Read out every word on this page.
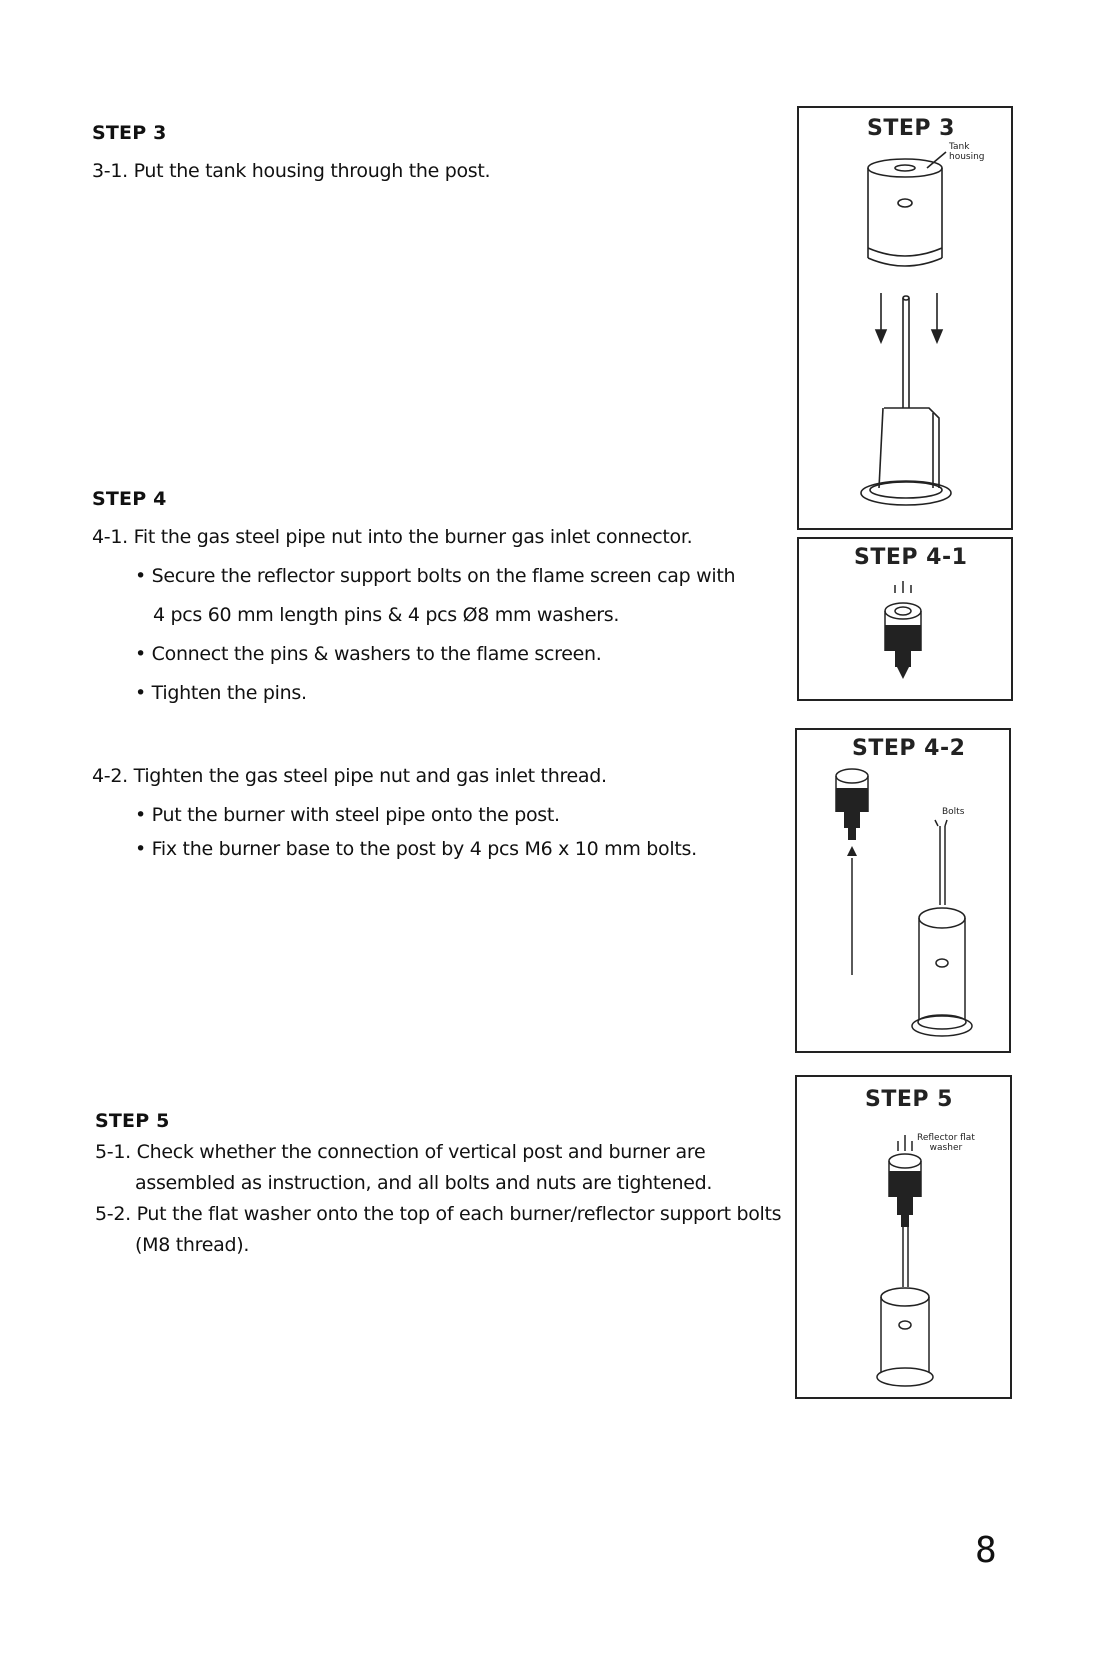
STEP 3
3-1. Put the tank housing through the post.
STEP 4
4-1. Fit the gas steel pipe nut into the burner gas inlet connector.
• Secure the reflector support bolts on the flame screen cap with
4 pcs 60 mm length pins & 4 pcs Ø8 mm washers.
• Connect the pins & washers to the flame screen.
• Tighten the pins.
4-2. Tighten the gas steel pipe nut and gas inlet thread.
• Put the burner with steel pipe onto the post.
• Fix the burner base to the post by 4 pcs M6 x 10 mm bolts.
STEP 5
5-1. Check whether the connection of vertical post and burner are
assembled as instruction, and all bolts and nuts are tightened.
5-2. Put the flat washer onto the top of each burner/reflector support bolts
(M8 thread).
STEP 3
Tank
housing
STEP 4-1
STEP 4-2
Bolts
STEP 5
Reflector flat
washer
8
